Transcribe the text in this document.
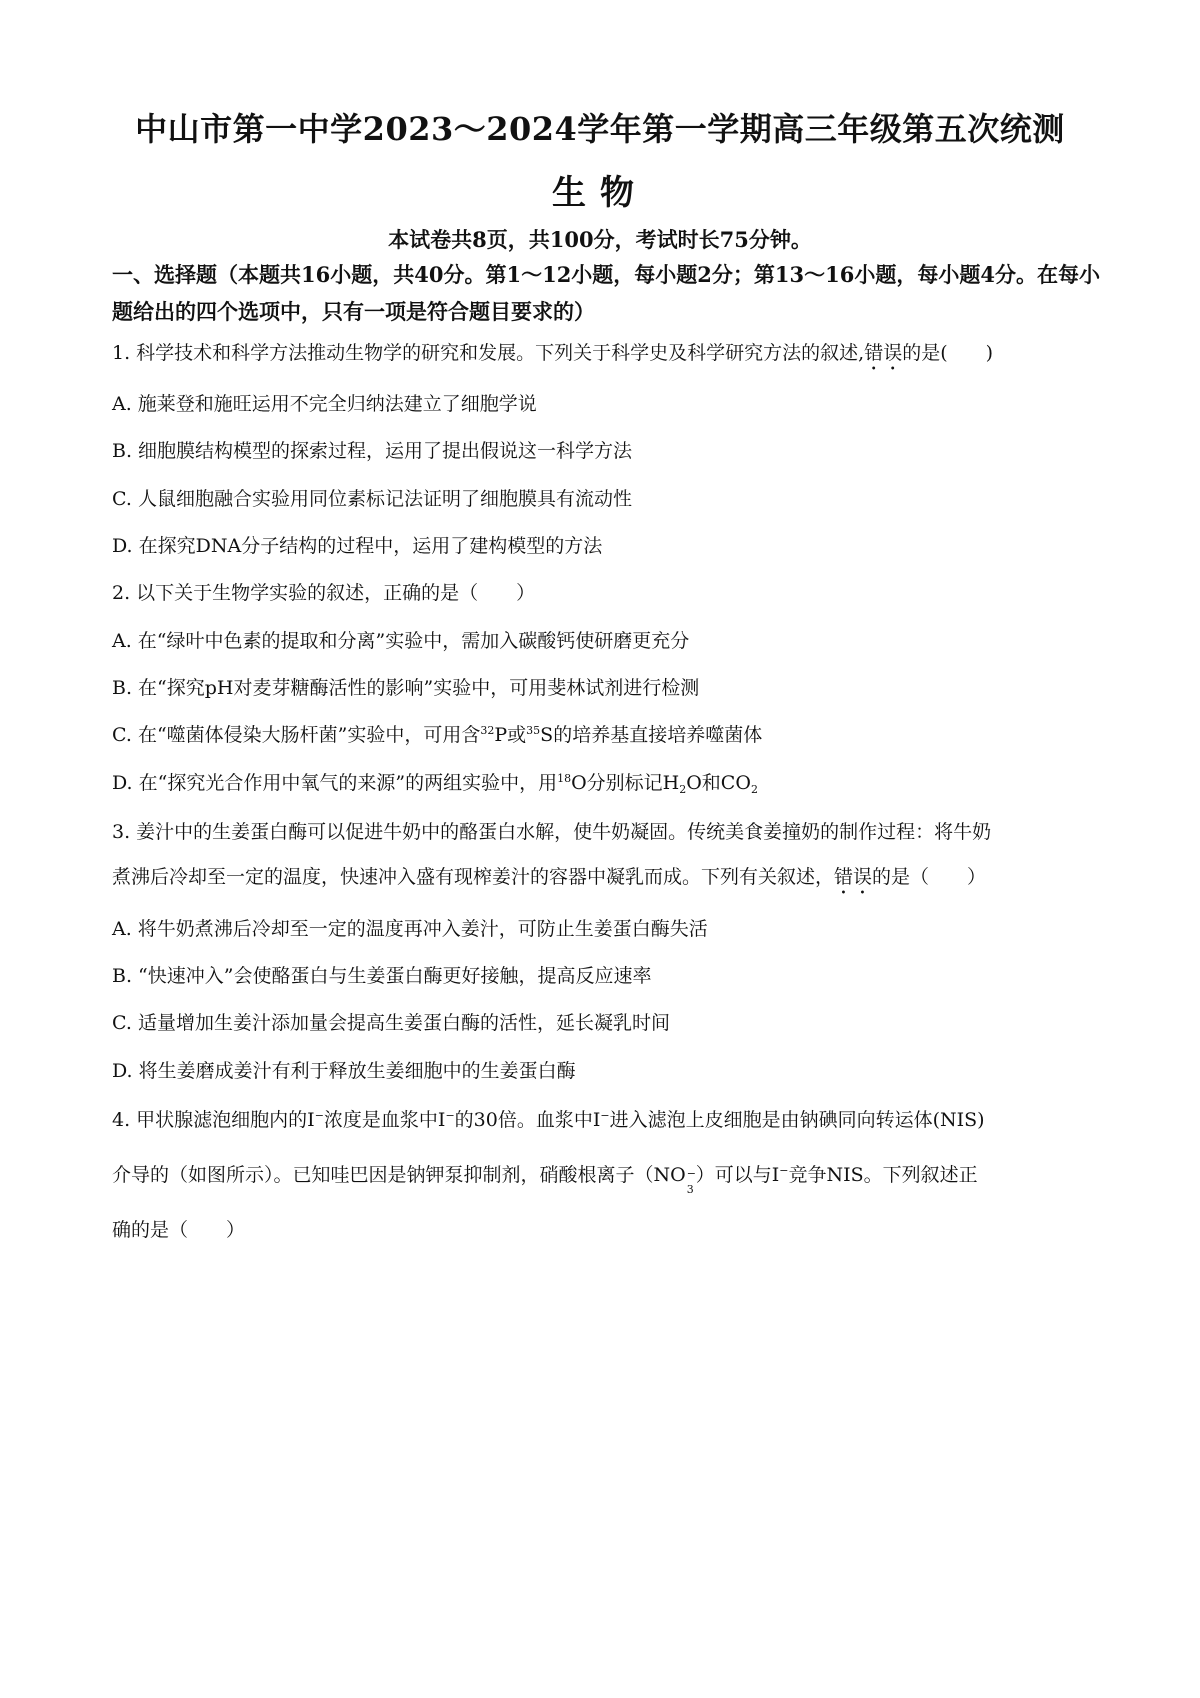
中山市第一中学2023～2024学年第一学期高三年级第五次统测
生物
本试卷共8页，共100分，考试时长75分钟。
一、选择题（本题共16小题，共40分。第1～12小题，每小题2分；第13～16小题，每小题4分。在每小题给出的四个选项中，只有一项是符合题目要求的）
1. 科学技术和科学方法推动生物学的研究和发展。下列关于科学史及科学研究方法的叙述,错误的是(　　)
A. 施莱登和施旺运用不完全归纳法建立了细胞学说
B. 细胞膜结构模型的探索过程，运用了提出假说这一科学方法
C. 人鼠细胞融合实验用同位素标记法证明了细胞膜具有流动性
D. 在探究DNA分子结构的过程中，运用了建构模型的方法
2. 以下关于生物学实验的叙述，正确的是（　　）
A. 在“绿叶中色素的提取和分离”实验中，需加入碳酸钙使研磨更充分
B. 在“探究pH对麦芽糖酶活性的影响”实验中，可用斐林试剂进行检测
C. 在“噬菌体侵染大肠杆菌”实验中，可用含$^{32}$P或$^{35}$S的培养基直接培养噬菌体
D. 在“探究光合作用中氧气的来源”的两组实验中，用$^{18}$O分别标记$H_2O$和$CO_2$
3. 姜汁中的生姜蛋白酶可以促进牛奶中的酪蛋白水解，使牛奶凝固。传统美食姜撞奶的制作过程：将牛奶
煮沸后冷却至一定的温度，快速冲入盛有现榨姜汁的容器中凝乳而成。下列有关叙述，错误的是（　　）
A. 将牛奶煮沸后冷却至一定的温度再冲入姜汁，可防止生姜蛋白酶失活
B. “快速冲入”会使酪蛋白与生姜蛋白酶更好接触，提高反应速率
C. 适量增加生姜汁添加量会提高生姜蛋白酶的活性，延长凝乳时间
D. 将生姜磨成姜汁有利于释放生姜细胞中的生姜蛋白酶
4. 甲状腺滤泡细胞内的I−浓度是血浆中I−的30倍。血浆中I−进入滤泡上皮细胞是由钠碘同向转运体(NIS)
介导的（如图所示）。已知哇巴因是钠钾泵抑制剂，硝酸根离子（NO −
3
）可以与I−竞争NIS。下列叙述正
确的是（　　）
